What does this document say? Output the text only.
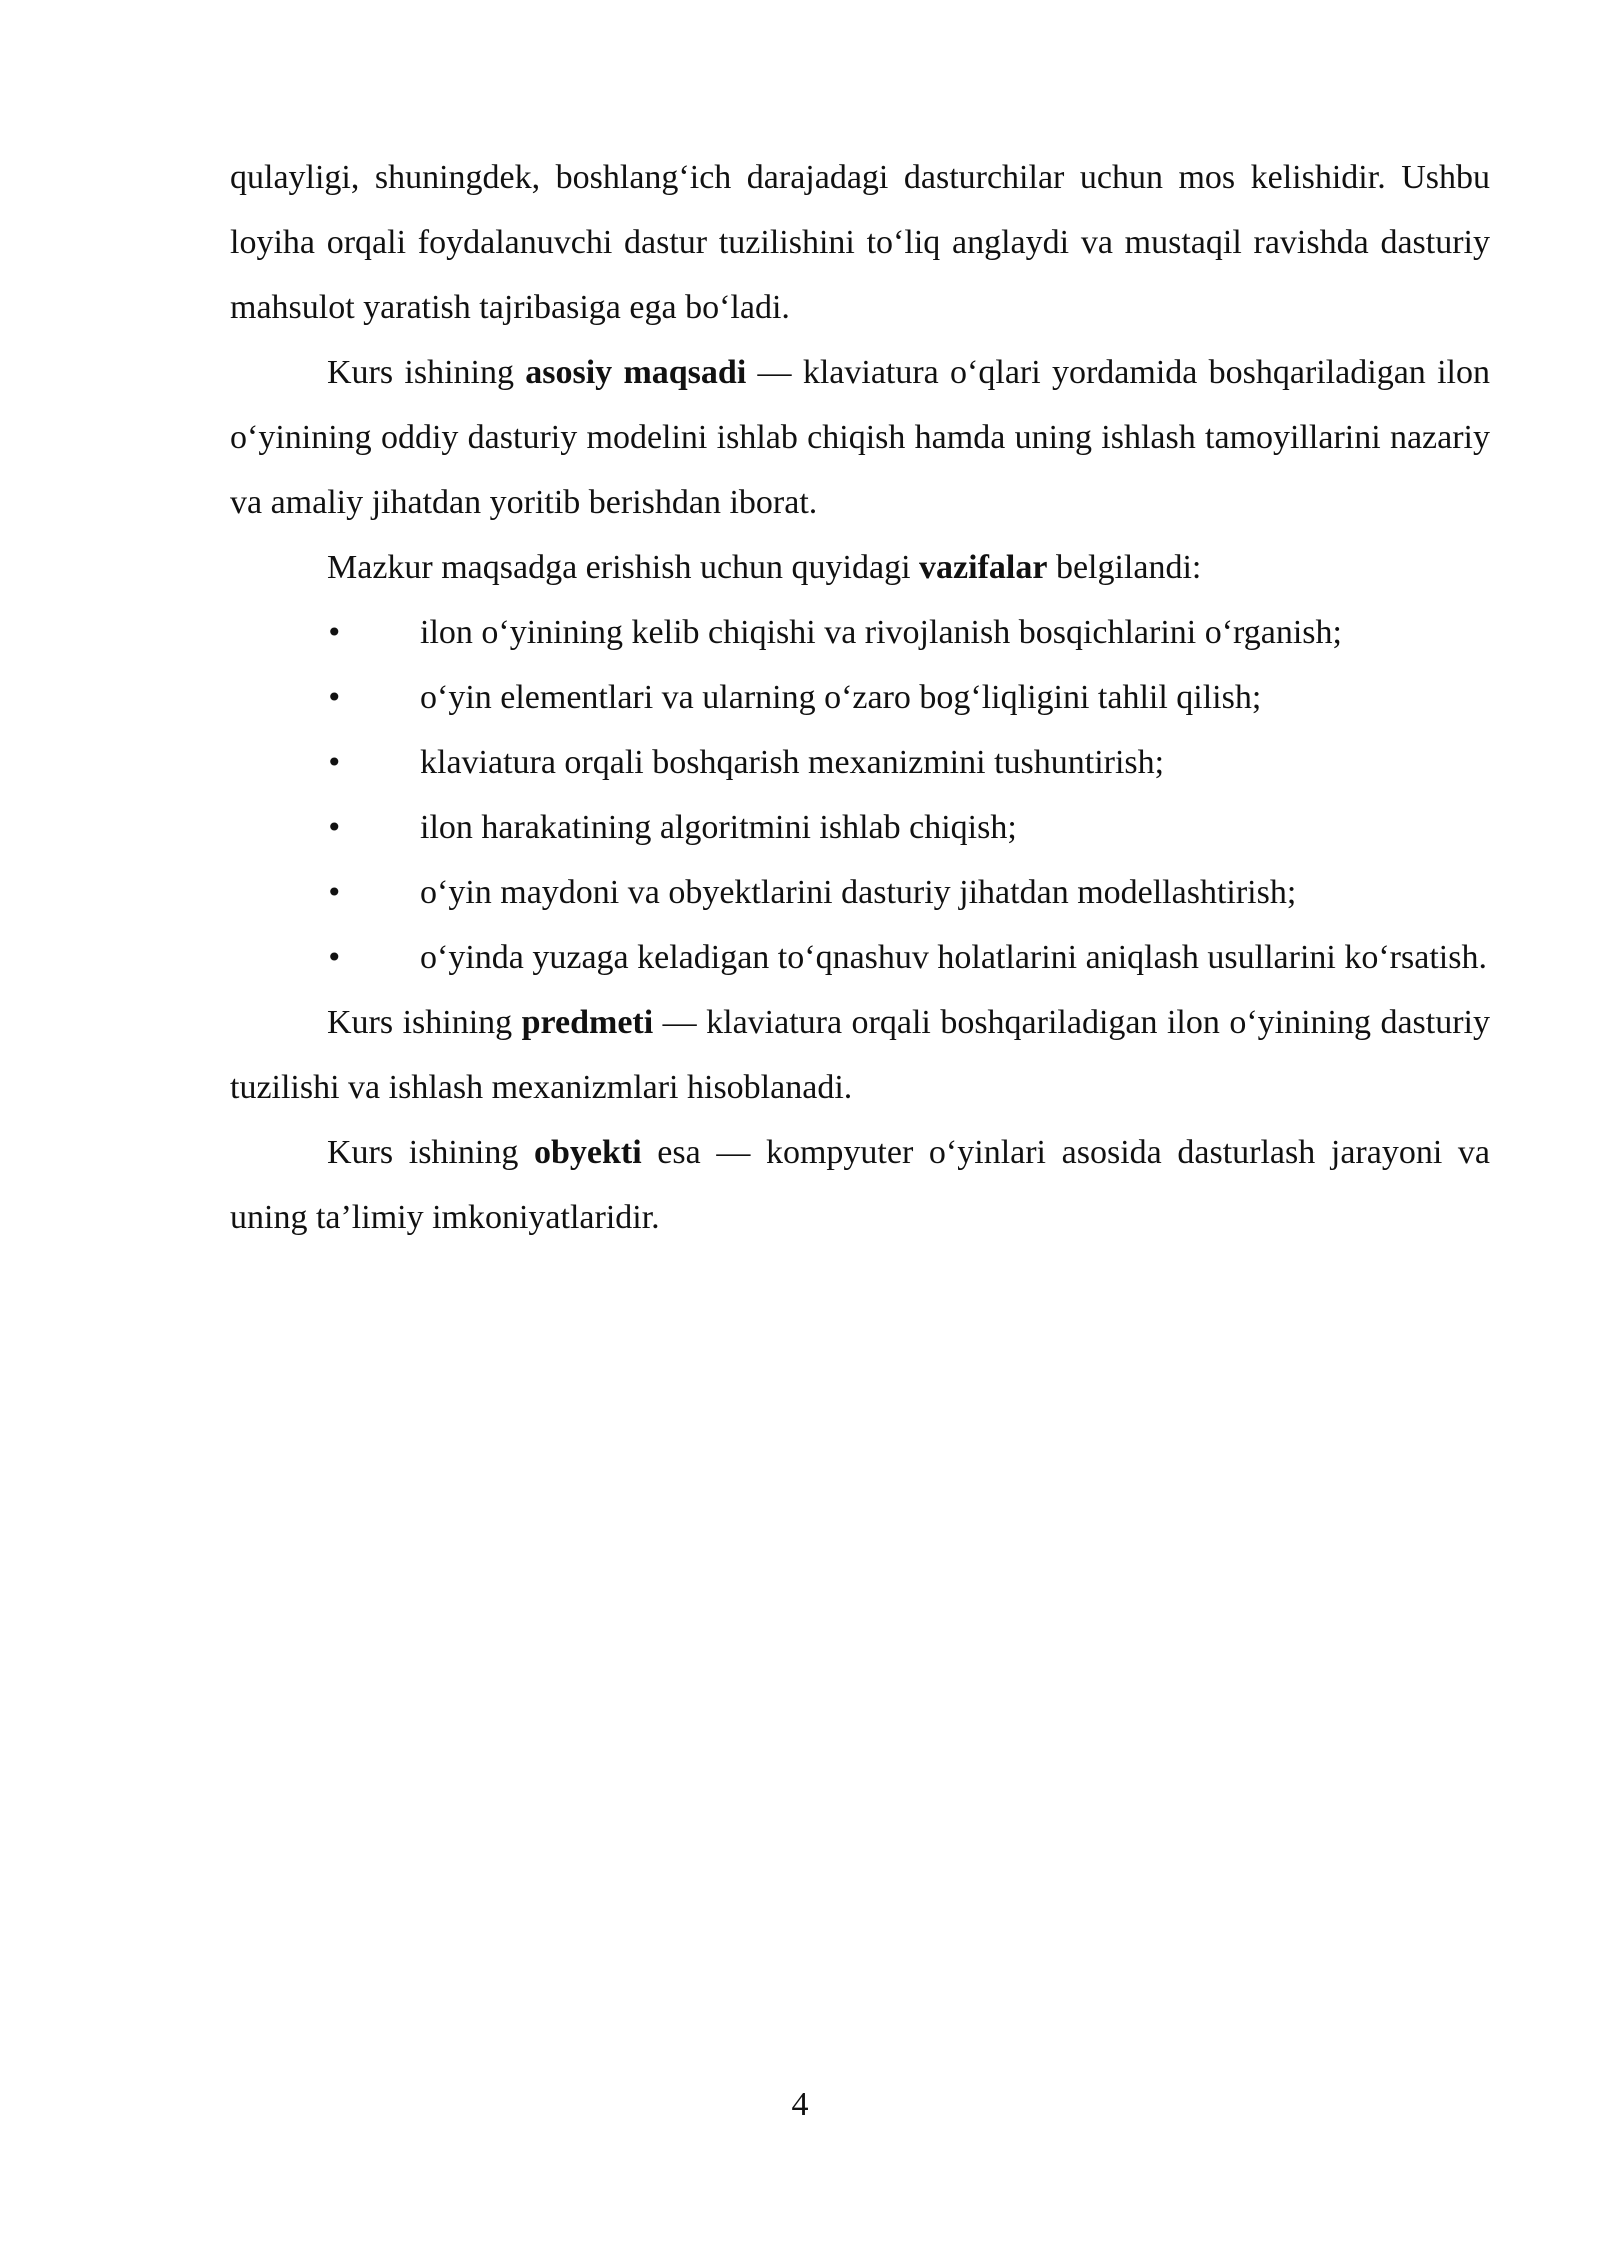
qulayligi, shuningdek, boshlang‘ich darajadagi dasturchilar uchun mos kelishidir. Ushbu loyiha orqali foydalanuvchi dastur tuzilishini to‘liq anglaydi va mustaqil ravishda dasturiy mahsulot yaratish tajribasiga ega bo‘ladi.

Kurs ishining asosiy maqsadi — klaviatura o‘qlari yordamida boshqariladigan ilon o‘yinining oddiy dasturiy modelini ishlab chiqish hamda uning ishlash tamoyillarini nazariy va amaliy jihatdan yoritib berishdan iborat.

Mazkur maqsadga erishish uchun quyidagi vazifalar belgilandi:

• ilon o‘yinining kelib chiqishi va rivojlanish bosqichlarini o‘rganish;
• o‘yin elementlari va ularning o‘zaro bog‘liqligini tahlil qilish;
• klaviatura orqali boshqarish mexanizmini tushuntirish;
• ilon harakatining algoritmini ishlab chiqish;
• o‘yin maydoni va obyektlarini dasturiy jihatdan modellashtirish;
• o‘yinda yuzaga keladigan to‘qnashuv holatlarini aniqlash usullarini ko‘rsatish.

Kurs ishining predmeti — klaviatura orqali boshqariladigan ilon o‘yinining dasturiy tuzilishi va ishlash mexanizmlari hisoblanadi.

Kurs ishining obyekti esa — kompyuter o‘yinlari asosida dasturlash jarayoni va uning ta’limiy imkoniyatlaridir.

4
